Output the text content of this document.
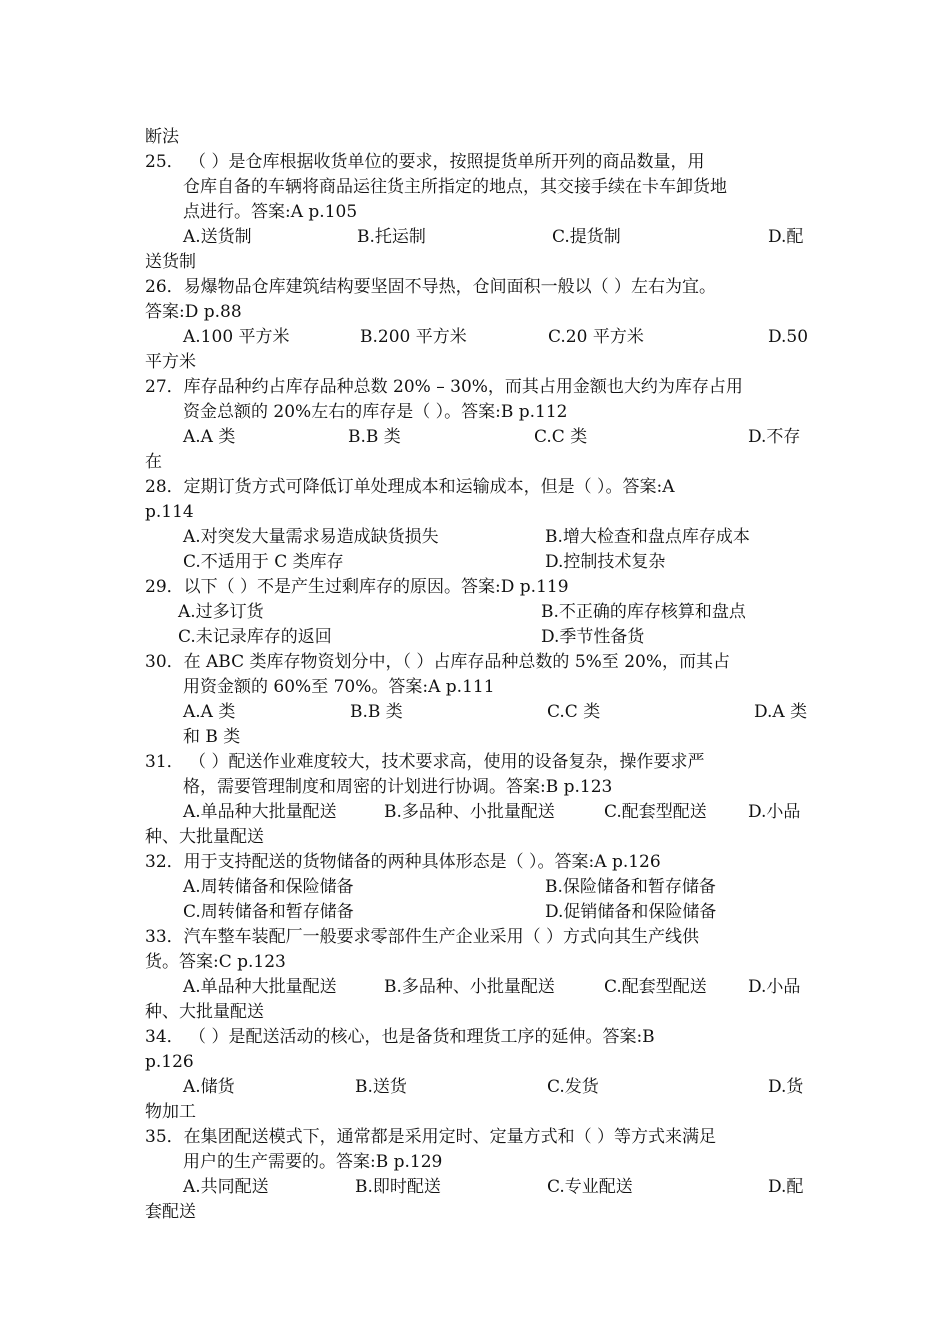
断法
25． （ ）是仓库根据收货单位的要求，按照提货单所开列的商品数量，用
仓库自备的车辆将商品运往货主所指定的地点，其交接手续在卡车卸货地
点进行。答案:A p.105
A.送货制	B.托运制	C.提货制	D.配
送货制
26．易爆物品仓库建筑结构要坚固不导热，仓间面积一般以（ ）左右为宜。
答案:D p.88
A.100 平方米	B.200 平方米	C.20 平方米	D.50
平方米
27．库存品种约占库存品种总数 20% – 30%，而其占用金额也大约为库存占用
资金总额的 20%左右的库存是（ ）。答案:B p.112
A.A 类	B.B 类	C.C 类	D.不存
在
28．定期订货方式可降低订单处理成本和运输成本，但是（ ）。答案:A
p.114
A.对突发大量需求易造成缺货损失	B.增大检查和盘点库存成本
C.不适用于 C 类库存	D.控制技术复杂
29．以下（ ）不是产生过剩库存的原因。答案:D p.119
A.过多订货	B.不正确的库存核算和盘点
C.未记录库存的返回	D.季节性备货
30．在 ABC 类库存物资划分中，（ ）占库存品种总数的 5%至 20%，而其占
用资金额的 60%至 70%。答案:A p.111
A.A 类	B.B 类	C.C 类	D.A 类
和 B 类
31． （ ）配送作业难度较大，技术要求高，使用的设备复杂，操作要求严
格，需要管理制度和周密的计划进行协调。答案:B p.123
A.单品种大批量配送	B.多品种、小批量配送	C.配套型配送 D.小品
种、大批量配送
32．用于支持配送的货物储备的两种具体形态是（ ）。答案:A p.126
A.周转储备和保险储备	B.保险储备和暂存储备
C.周转储备和暂存储备	D.促销储备和保险储备
33．汽车整车装配厂一般要求零部件生产企业采用（ ）方式向其生产线供
货。答案:C p.123
A.单品种大批量配送	B.多品种、小批量配送	C.配套型配送 D.小品
种、大批量配送
34． （ ）是配送活动的核心，也是备货和理货工序的延伸。答案:B
p.126
A.储货	B.送货	C.发货	D.货
物加工
35．在集团配送模式下，通常都是采用定时、定量方式和（ ）等方式来满足
用户的生产需要的。答案:B p.129
A.共同配送	B.即时配送	C.专业配送	D.配
套配送
